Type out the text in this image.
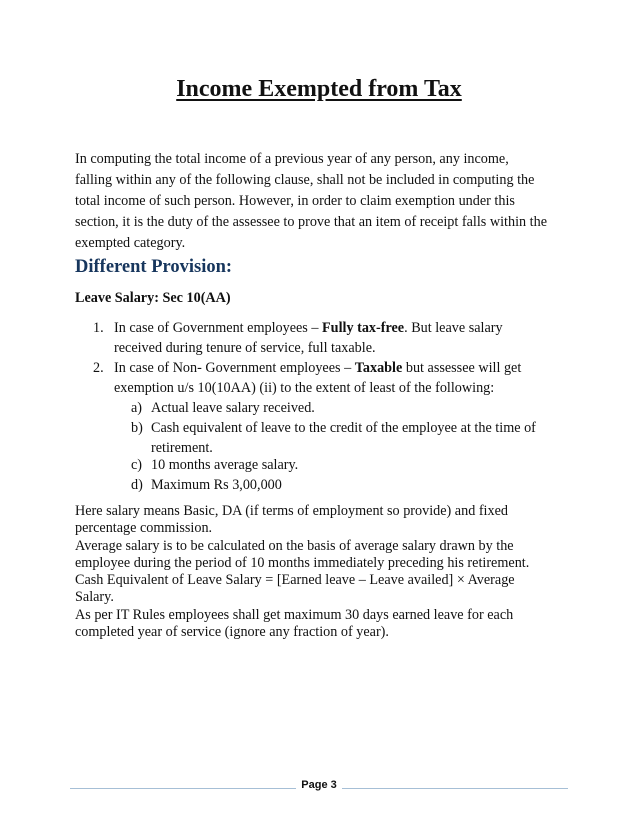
Income Exempted from Tax

In computing the total income of a previous year of any person, any income,
falling within any of the following clause, shall not be included in computing the
total income of such person. However, in order to claim exemption under this
section, it is the duty of the assessee to prove that an item of receipt falls within the
exempted category.

Different Provision:
Leave Salary: Sec 10(AA)
1. In case of Government employees – Fully tax-free. But leave salary
received during tenure of service, full taxable.
2. In case of Non- Government employees – Taxable but assessee will get
exemption u/s 10(10AA) (ii) to the extent of least of the following:
a) Actual leave salary received.
b) Cash equivalent of leave to the credit of the employee at the time of
retirement.
c) 10 months average salary.
d) Maximum Rs 3,00,000

Here salary means Basic, DA (if terms of employment so provide) and fixed
percentage commission.
Average salary is to be calculated on the basis of average salary drawn by the
employee during the period of 10 months immediately preceding his retirement.
Cash Equivalent of Leave Salary = [Earned leave – Leave availed] × Average
Salary.
As per IT Rules employees shall get maximum 30 days earned leave for each
completed year of service (ignore any fraction of year).

Page 3
